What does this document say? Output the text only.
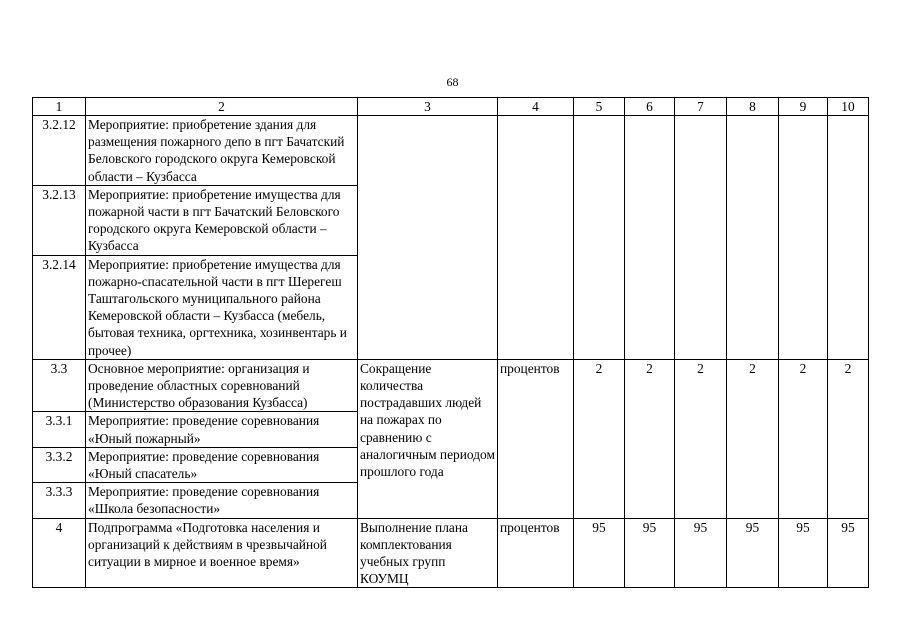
68
1	2	3	4	5	6	7	8	9	10
3.2.12	Мероприятие: приобретение здания для размещения пожарного депо в пгт Бачатский Беловского городского округа Кемеровской области – Кузбасса								
3.2.13	Мероприятие: приобретение имущества для пожарной части в пгт Бачатский Беловского городского округа Кемеровской области – Кузбасса								
3.2.14	Мероприятие: приобретение имущества для пожарно-спасательной части в пгт Шерегеш Таштагольского муниципального района Кемеровской области – Кузбасса (мебель, бытовая техника, оргтехника, хозинвентарь и прочее)								
3.3	Основное мероприятие: организация и проведение областных соревнований (Министерство образования Кузбасса)	Сокращение количества пострадавших людей на пожарах по сравнению с аналогичным периодом прошлого года	процентов	2	2	2	2	2	2
3.3.1	Мероприятие: проведение соревнования «Юный пожарный»								
3.3.2	Мероприятие: проведение соревнования «Юный спасатель»								
3.3.3	Мероприятие: проведение соревнования «Школа безопасности»								
4	Подпрограмма «Подготовка населения и организаций к действиям в чрезвычайной ситуации в мирное и военное время»	Выполнение плана комплектования учебных групп КОУМЦ	процентов	95	95	95	95	95	95
